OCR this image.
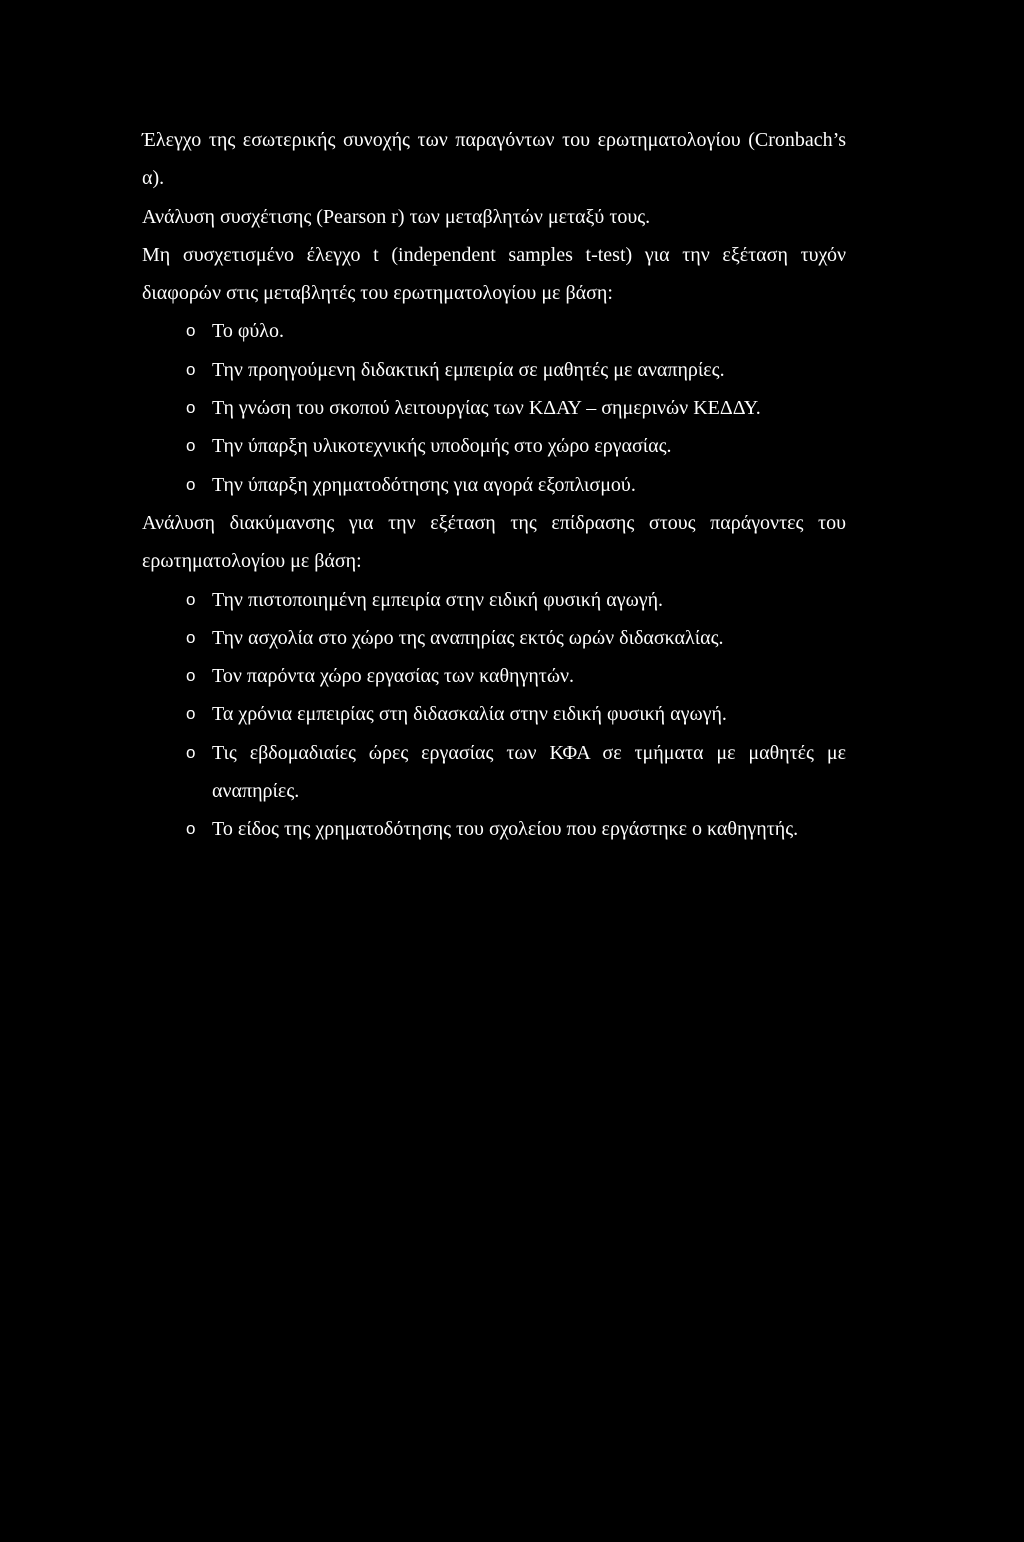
Έλεγχο της εσωτερικής συνοχής των παραγόντων του ερωτηματολογίου (Cronbach’s α).

Ανάλυση συσχέτισης (Pearson r) των μεταβλητών μεταξύ τους.

Μη συσχετισμένο έλεγχο t (independent samples t-test) για την εξέταση τυχόν διαφορών στις μεταβλητές του ερωτηματολογίου με βάση:

o Το φύλο.
o Την προηγούμενη διδακτική εμπειρία σε μαθητές με αναπηρίες.
o Τη γνώση του σκοπού λειτουργίας των ΚΔΑΥ – σημερινών ΚΕΔΔΥ.
o Την ύπαρξη υλικοτεχνικής υποδομής στο χώρο εργασίας.
o Την ύπαρξη χρηματοδότησης για αγορά εξοπλισμού.

Ανάλυση διακύμανσης για την εξέταση της επίδρασης στους παράγοντες του ερωτηματολογίου με βάση:

o Την πιστοποιημένη εμπειρία στην ειδική φυσική αγωγή.
o Την ασχολία στο χώρο της αναπηρίας εκτός ωρών διδασκαλίας.
o Τον παρόντα χώρο εργασίας των καθηγητών.
o Τα χρόνια εμπειρίας στη διδασκαλία στην ειδική φυσική αγωγή.
o Τις εβδομαδιαίες ώρες εργασίας των ΚΦΑ σε τμήματα με μαθητές με αναπηρίες.
o Το είδος της χρηματοδότησης του σχολείου που εργάστηκε ο καθηγητής.
